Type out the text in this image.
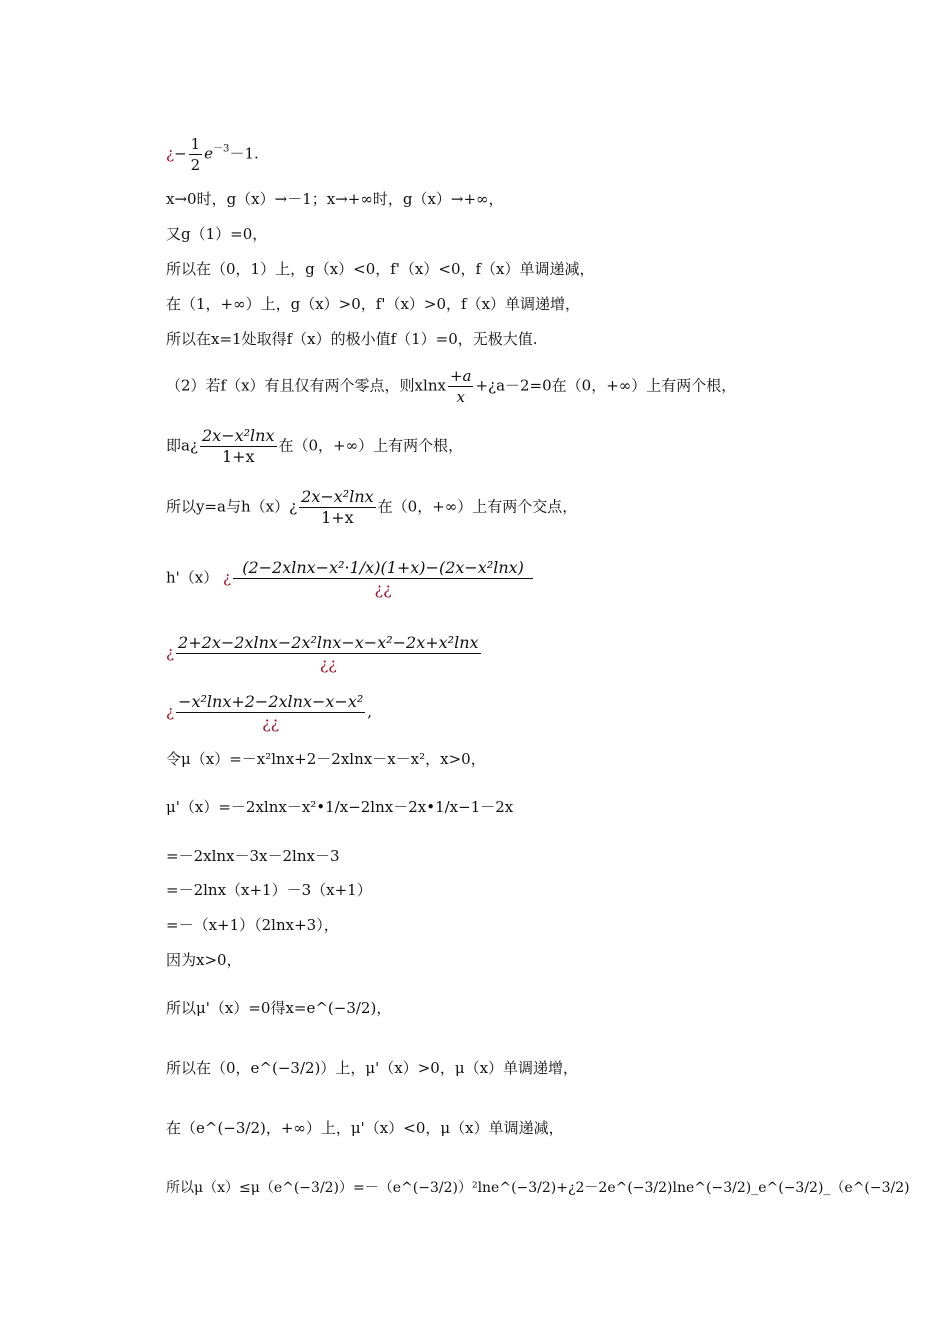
¿− $\frac{1}{2} e^{-3}-1$.
x→0时，g（x）→－1；x→+∞时，g（x）→+∞，
又g（1）=0，
所以在（0，1）上，g（x）<0，f'（x）<0，f（x）单调递减，
在（1，+∞）上，g（x）>0，f'（x）>0，f（x）单调递增，
所以在x=1处取得f（x）的极小值f（1）=0，无极大值.
（2）若f（x）有且仅有两个零点，则xlnx $\frac{+a}{x}$ +¿a－2=0在（0，+∞）上有两个根，
即a¿ $\frac{\text{2x−x²lnx}}{1+x}$ 在（0，+∞）上有两个根，
所以y=a与h（x）¿ $\frac{\text{2x−x²lnx}}{1+x}$ 在（0，+∞）上有两个交点，
h'（x） ¿
(2−2xlnx−x²·1/x)(1+x)−(2x−x²lnx)
¿¿
¿
2+2x−2xlnx−2x²lnx−x−x²−2x+x²lnx
¿¿
¿
−x²lnx+2−2xlnx−x−x²
¿¿
,
令μ（x）=－x²lnx+2－2xlnx－x－x²，x>0，
μ'（x）=－2xlnx－x²•1/x−2lnx－2x•1/x−1－2x
=－2xlnx－3x－2lnx－3
=－2lnx（x+1）－3（x+1）
=－（x+1）（2lnx+3），
因为x>0，
所以μ'（x）=0得x=e^(−3/2)，
所以在（0，e^(−3/2)）上，μ'（x）>0，μ（x）单调递增，
在（e^(−3/2)，+∞）上，μ'（x）<0，μ（x）单调递减，
所以μ（x）≤μ（e^(−3/2)）=－（e^(−3/2)）²lne^(−3/2)+¿2－2e^(−3/2)lne^(−3/2)_e^(−3/2)_（e^(−3/2)
